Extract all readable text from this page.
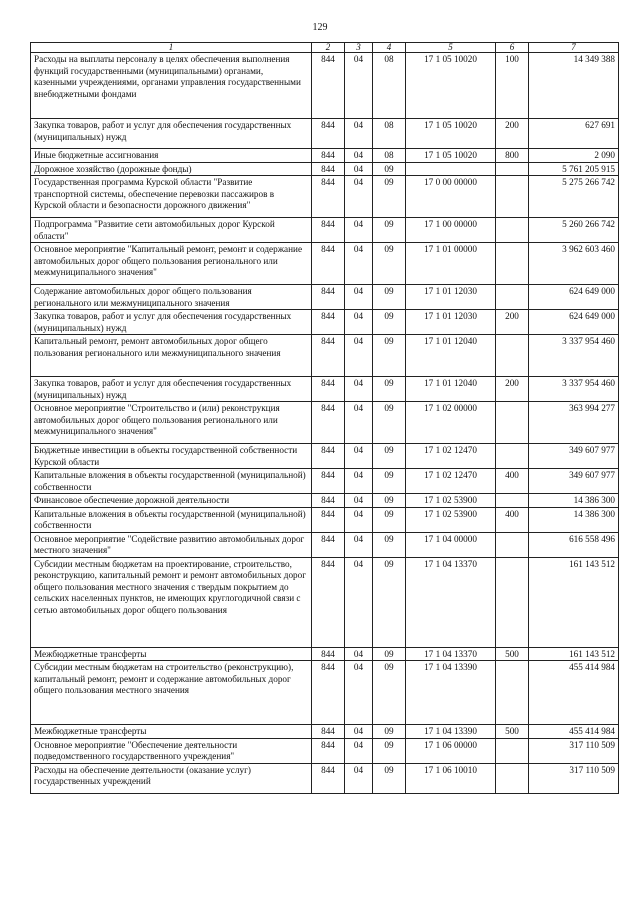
129
1	2	3	4	5	6	7
Расходы на выплаты персоналу в целях обеспечения выполнения функций государственными (муниципальными) органами, казенными учреждениями, органами управления государственными внебюджетными фондами	844	04	08	17 1 05 10020	100	14 349 388
Закупка товаров, работ и услуг для обеспечения государственных (муниципальных) нужд	844	04	08	17 1 05 10020	200	627 691
Иные бюджетные ассигнования	844	04	08	17 1 05 10020	800	2 090
Дорожное хозяйство (дорожные фонды)	844	04	09			5 761 205 915
Государственная программа Курской области "Развитие транспортной системы, обеспечение перевозки пассажиров в Курской области и безопасности дорожного движения"	844	04	09	17 0 00 00000		5 275 266 742
Подпрограмма "Развитие сети автомобильных дорог Курской области"	844	04	09	17 1 00 00000		5 260 266 742
Основное мероприятие "Капитальный ремонт, ремонт и содержание автомобильных дорог общего пользования регионального или межмуниципального значения"	844	04	09	17 1 01 00000		3 962 603 460
Содержание автомобильных дорог общего пользования регионального или межмуниципального значения	844	04	09	17 1 01 12030		624 649 000
Закупка товаров, работ и услуг для обеспечения государственных (муниципальных) нужд	844	04	09	17 1 01 12030	200	624 649 000
Капитальный ремонт, ремонт автомобильных дорог общего пользования регионального или межмуниципального значения	844	04	09	17 1 01 12040		3 337 954 460
Закупка товаров, работ и услуг для обеспечения государственных (муниципальных) нужд	844	04	09	17 1 01 12040	200	3 337 954 460
Основное мероприятие "Строительство и (или) реконструкция автомобильных дорог общего пользования регионального или межмуниципального значения"	844	04	09	17 1 02 00000		363 994 277
Бюджетные инвестиции в объекты государственной собственности Курской области	844	04	09	17 1 02 12470		349 607 977
Капитальные вложения в объекты государственной (муниципальной) собственности	844	04	09	17 1 02 12470	400	349 607 977
Финансовое обеспечение дорожной деятельности	844	04	09	17 1 02 53900		14 386 300
Капитальные вложения в объекты государственной (муниципальной) собственности	844	04	09	17 1 02 53900	400	14 386 300
Основное мероприятие "Содействие развитию автомобильных дорог местного значения"	844	04	09	17 1 04 00000		616 558 496
Субсидии местным бюджетам на проектирование, строительство, реконструкцию, капитальный ремонт и ремонт автомобильных дорог общего пользования местного значения с твердым покрытием до сельских населенных пунктов, не имеющих круглогодичной связи с сетью автомобильных дорог общего пользования	844	04	09	17 1 04 13370		161 143 512
Межбюджетные трансферты	844	04	09	17 1 04 13370	500	161 143 512
Субсидии местным бюджетам на строительство (реконструкцию), капитальный ремонт, ремонт и содержание автомобильных дорог общего пользования местного значения	844	04	09	17 1 04 13390		455 414 984
Межбюджетные трансферты	844	04	09	17 1 04 13390	500	455 414 984
Основное мероприятие "Обеспечение деятельности подведомственного государственного учреждения"	844	04	09	17 1 06 00000		317 110 509
Расходы на обеспечение деятельности (оказание услуг) государственных учреждений	844	04	09	17 1 06 10010		317 110 509
